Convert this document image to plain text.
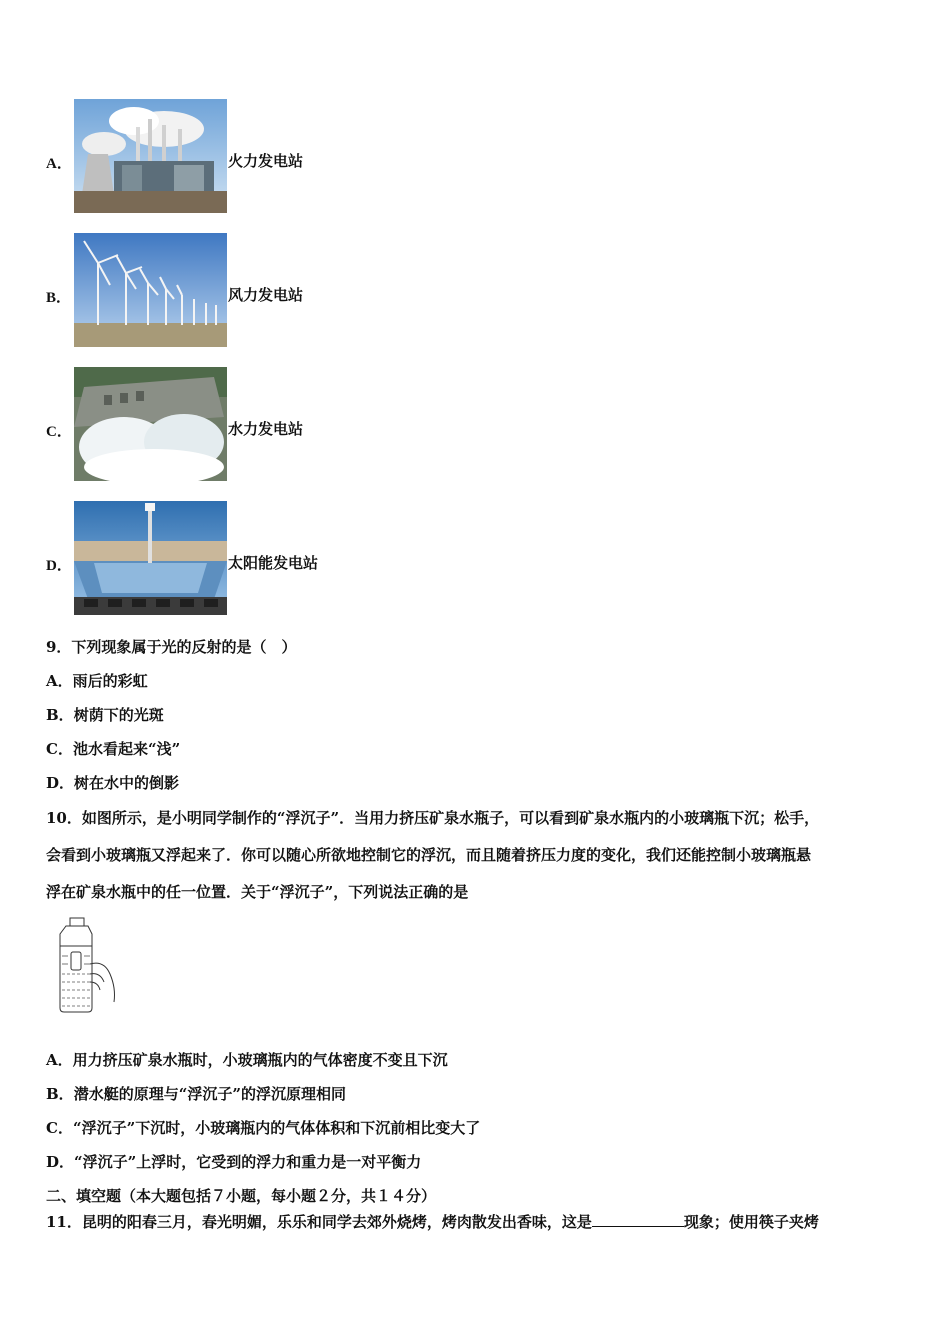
A．	火力发电站
B．	风力发电站
C．	水力发电站
D．	太阳能发电站
9．下列现象属于光的反射的是（　）
A．雨后的彩虹
B．树荫下的光斑
C．池水看起来“浅”
D．树在水中的倒影
10．如图所示，是小明同学制作的“浮沉子”．当用力挤压矿泉水瓶子，可以看到矿泉水瓶内的小玻璃瓶下沉；松手，
会看到小玻璃瓶又浮起来了．你可以随心所欲地控制它的浮沉，而且随着挤压力度的变化，我们还能控制小玻璃瓶悬
浮在矿泉水瓶中的任一位置．关于“浮沉子”，下列说法正确的是
A．用力挤压矿泉水瓶时，小玻璃瓶内的气体密度不变且下沉
B．潜水艇的原理与“浮沉子”的浮沉原理相同
C．“浮沉子”下沉时，小玻璃瓶内的气体体积和下沉前相比变大了
D．“浮沉子”上浮时，它受到的浮力和重力是一对平衡力
二、填空题（本大题包括７小题，每小题２分，共１４分）
11．昆明的阳春三月，春光明媚，乐乐和同学去郊外烧烤，烤肉散发出香味，这是	现象；使用筷子夹烤
